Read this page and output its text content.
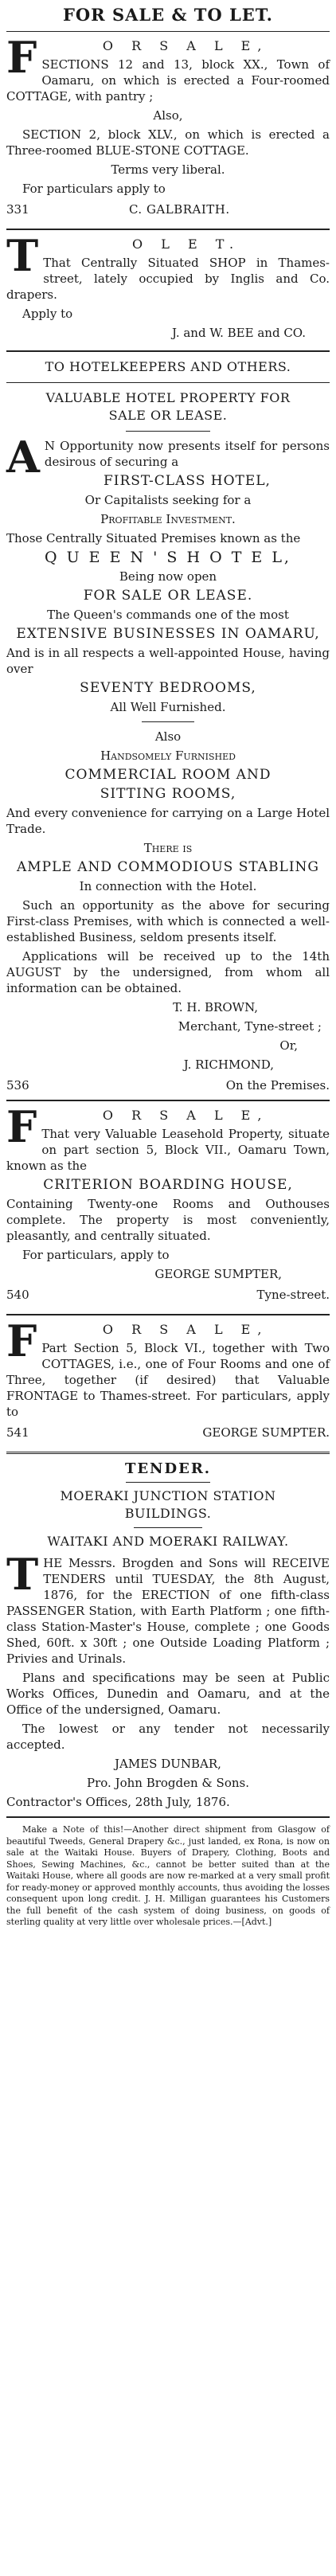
FOR SALE & TO LET.
F	O R S A L E,

SECTIONS 12 and 13, block XX., Town of Oamaru, on which is erected a Four-roomed COTTAGE, with pantry ;

Also,

SECTION 2, block XLV., on which is erected a Three-roomed BLUE-STONE COTTAGE.

Terms very liberal.

For particulars apply to

331	C. GALBRAITH.
T	O L E T.

That Centrally Situated SHOP in Thames-street, lately occupied by Inglis and Co. drapers.

Apply to

J. and W. BEE and CO.

TO HOTELKEEPERS AND OTHERS.
VALUABLE HOTEL PROPERTY FOR SALE OR LEASE.
A N Opportunity now presents itself for persons desirous of securing a

FIRST-CLASS HOTEL,

Or Capitalists seeking for a

Profitable Investment.

Those Centrally Situated Premises known as the

Q U E E N ' S H O T E L,

Being now open

FOR SALE OR LEASE.

The Queen's commands one of the most

EXTENSIVE BUSINESSES IN OAMARU,

And is in all respects a well-appointed House, having over

SEVENTY BEDROOMS,

All Well Furnished.

Also

Handsomely Furnished

COMMERCIAL ROOM AND

SITTING ROOMS,

And every convenience for carrying on a Large Hotel Trade.

There is

AMPLE AND COMMODIOUS STABLING

In connection with the Hotel.

Such an opportunity as the above for securing First-class Premises, with which is connected a well-established Business, seldom presents itself.

Applications will be received up to the 14th AUGUST by the undersigned, from whom all information can be obtained.

T. H. BROWN,

Merchant, Tyne-street ;

Or,

J. RICHMOND,

536	On the Premises.
F	O R S A L E,

That very Valuable Leasehold Property, situate on part section 5, Block VII., Oamaru Town, known as the

CRITERION BOARDING HOUSE,

Containing Twenty-one Rooms and Outhouses complete. The property is most conveniently, pleasantly, and centrally situated.

For particulars, apply to

GEORGE SUMPTER,

540	Tyne-street.
F	O R S A L E,

Part Section 5, Block VI., together with Two COTTAGES, i.e., one of Four Rooms and one of Three, together (if desired) that Valuable FRONTAGE to Thames-street. For particulars, apply to

541	GEORGE SUMPTER.
TENDER.
MOERAKI JUNCTION STATION BUILDINGS.
WAITAKI AND MOERAKI RAILWAY.
T HE Messrs. Brogden and Sons will RECEIVE TENDERS until TUESDAY, the 8th August, 1876, for the ERECTION of one fifth-class PASSENGER Station, with Earth Platform ; one fifth-class Station-Master's House, complete ; one Goods Shed, 60ft. x 30ft ; one Outside Loading Platform ; Privies and Urinals.

Plans and specifications may be seen at Public Works Offices, Dunedin and Oamaru, and at the Office of the undersigned, Oamaru.

The lowest or any tender not necessarily accepted.

JAMES DUNBAR,

Pro. John Brogden & Sons.

Contractor's Offices, 28th July, 1876.

Make a Note of this!—Another direct shipment from Glasgow of beautiful Tweeds, General Drapery &c., just landed, ex Rona, is now on sale at the Waitaki House. Buyers of Drapery, Clothing, Boots and Shoes, Sewing Machines, &c., cannot be better suited than at the Waitaki House, where all goods are now re-marked at a very small profit for ready-money or approved monthly accounts, thus avoiding the losses consequent upon long credit. J. H. Milligan guarantees his Customers the full benefit of the cash system of doing business, on goods of sterling quality at very little over wholesale prices.—[Advt.]
